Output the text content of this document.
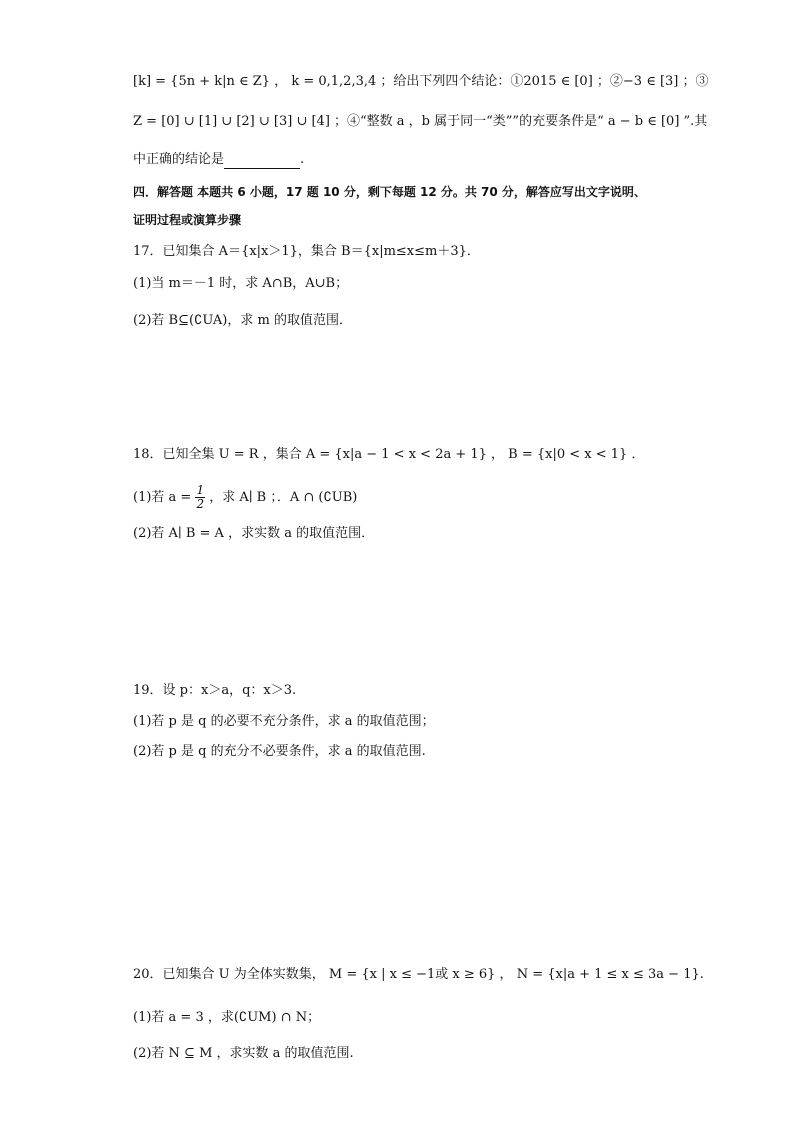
[k] = {5n + k|n ∈ Z} ， k = 0,1,2,3,4 ；给出下列四个结论：①2015 ∈ [0] ；②−3 ∈ [3] ；③
Z = [0] ∪ [1] ∪ [2] ∪ [3] ∪ [4] ；④“整数 a ，b 属于同一“类””的充要条件是“ a − b ∈ [0] ”.其
中正确的结论是	.
四．解答题 本题共 6 小题，17 题 10 分，剩下每题 12 分。共 70 分，解答应写出文字说明、
证明过程或演算步骤
17．已知集合 A＝{x|x＞1}，集合 B＝{x|m≤x≤m＋3}．
(1)当 m＝－1 时，求 A∩B，A∪B；
(2)若 B⊆(∁UA)，求 m 的取值范围．
18．已知全集 U = R ，集合 A = {x|a − 1 < x < 2a + 1} ， B = {x|0 < x < 1} ．
(1)若 $a = \frac{1}{2}$ ，求 A∣ B ；．A ∩ (∁UB)
(2)若 A∣ B = A ，求实数 a 的取值范围．
19．设 p：x＞a，q：x＞3.
(1)若 p 是 q 的必要不充分条件，求 a 的取值范围；
(2)若 p 是 q 的充分不必要条件，求 a 的取值范围.
20．已知集合 U 为全体实数集， M = {x | x ≤ −1或 x ≥ 6} ， N = {x|a + 1 ≤ x ≤ 3a − 1}.
(1)若 a = 3 ，求(∁UM) ∩ N；
(2)若 N ⊆ M ，求实数 a 的取值范围.
